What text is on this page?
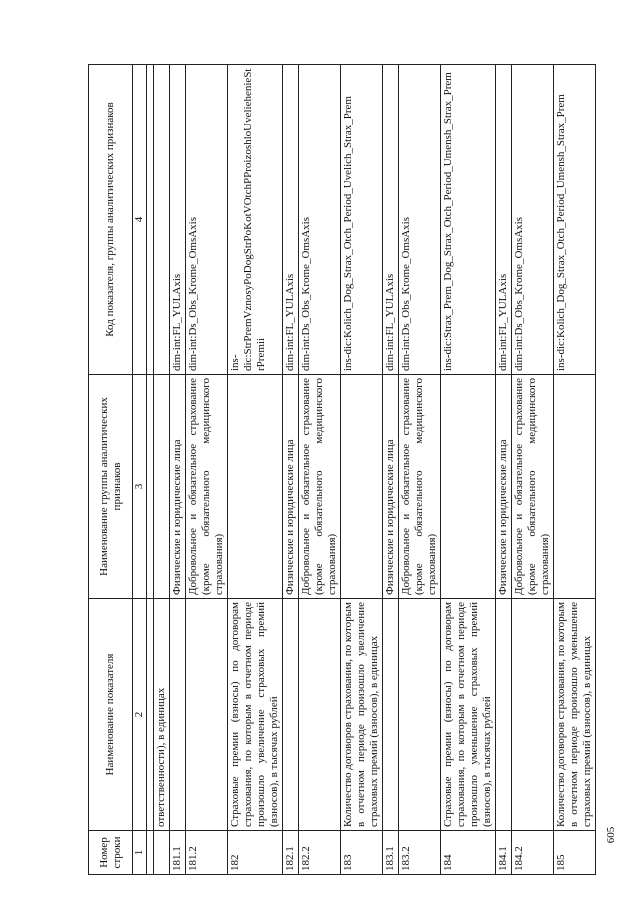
605
Номер строки	Наименование показателя	Наименование группы аналитических признаков	Код показателя, группы аналитических признаков
1	2	3	4

	ответственности), в единицах		
181.1		Физические и юридические лица	dim-int:FL_YULAxis
181.2		Добровольное и обязательное страхование (кроме обязательного медицинского страхования)	dim-int:Ds_Obs_Krome_OmsAxis
182	Страховые премии (взносы) по договорам страхования, по которым в отчетном периоде произошло увеличение страховых премий (взносов), в тысячах рублей		ins-dic:StrPremVznosyPoDogStrPoKotVOtchPProizoshloUveliehenieStrPremii
182.1		Физические и юридические лица	dim-int:FL_YULAxis
182.2		Добровольное и обязательное страхование (кроме обязательного медицинского страхования)	dim-int:Ds_Obs_Krome_OmsAxis
183	Количество договоров страхования, по которым в отчетном периоде произошло увеличение страховых премий (взносов), в единицах		ins-dic:Kolich_Dog_Strax_Otch_Period_Uvelich_Strax_Prem
183.1		Физические и юридические лица	dim-int:FL_YULAxis
183.2		Добровольное и обязательное страхование (кроме обязательного медицинского страхования)	dim-int:Ds_Obs_Krome_OmsAxis
184	Страховые премии (взносы) по договорам страхования, по которым в отчетном периоде произошло уменьшение страховых премий (взносов), в тысячах рублей		ins-dic:Strax_Prem_Dog_Strax_Otch_Period_Umensh_Strax_Prem
184.1		Физические и юридические лица	dim-int:FL_YULAxis
184.2		Добровольное и обязательное страхование (кроме обязательного медицинского страхования)	dim-int:Ds_Obs_Krome_OmsAxis
185	Количество договоров страхования, по которым в отчетном периоде произошло уменьшение страховых премий (взносов), в единицах		ins-dic:Kolich_Dog_Strax_Otch_Period_Umensh_Strax_Prem
